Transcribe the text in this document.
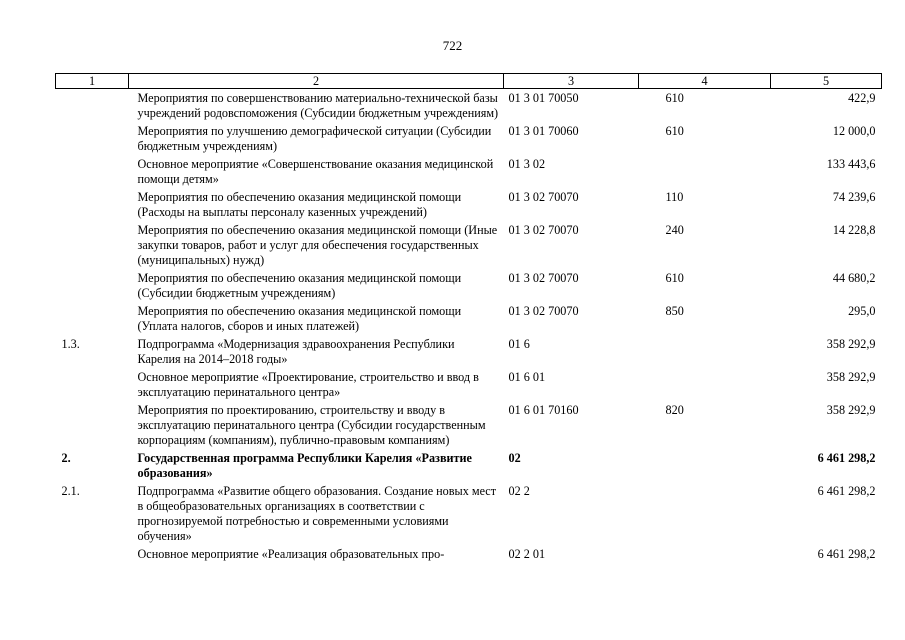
722
1	2	3	4	5
	Мероприятия по совершенствованию материально-технической базы учреждений родовспоможения (Субсидии бюджетным учреждениям)	01 3 01 70050	610	422,9
	Мероприятия по улучшению демографической ситуации (Субсидии бюджетным учреждениям)	01 3 01 70060	610	12 000,0
	Основное мероприятие «Совершенствование оказания медицинской помощи детям»	01 3 02		133 443,6
	Мероприятия по обеспечению оказания медицинской помощи (Расходы на выплаты персоналу казенных учреждений)	01 3 02 70070	110	74 239,6
	Мероприятия по обеспечению оказания медицинской помощи (Иные закупки товаров, работ и услуг для обеспечения государственных (муниципальных) нужд)	01 3 02 70070	240	14 228,8
	Мероприятия по обеспечению оказания медицинской помощи (Субсидии бюджетным учреждениям)	01 3 02 70070	610	44 680,2
	Мероприятия по обеспечению оказания медицинской помощи (Уплата налогов, сборов и иных платежей)	01 3 02 70070	850	295,0
1.3.	Подпрограмма «Модернизация здравоохранения Республики Карелия на 2014–2018 годы»	01 6		358 292,9
	Основное мероприятие «Проектирование, строительство и ввод в эксплуатацию перинатального центра»	01 6 01		358 292,9
	Мероприятия по проектированию, строительству и вводу в эксплуатацию перинатального центра (Субсидии государственным корпорациям (компаниям), публично-правовым компаниям)	01 6 01 70160	820	358 292,9
2.	Государственная программа Республики Карелия «Развитие образования»	02		6 461 298,2
2.1.	Подпрограмма «Развитие общего образования. Создание новых мест в общеобразовательных организациях в соответствии с прогнозируемой потребностью и современными условиями обучения»	02 2		6 461 298,2
	Основное мероприятие «Реализация образовательных про-	02 2 01		6 461 298,2
